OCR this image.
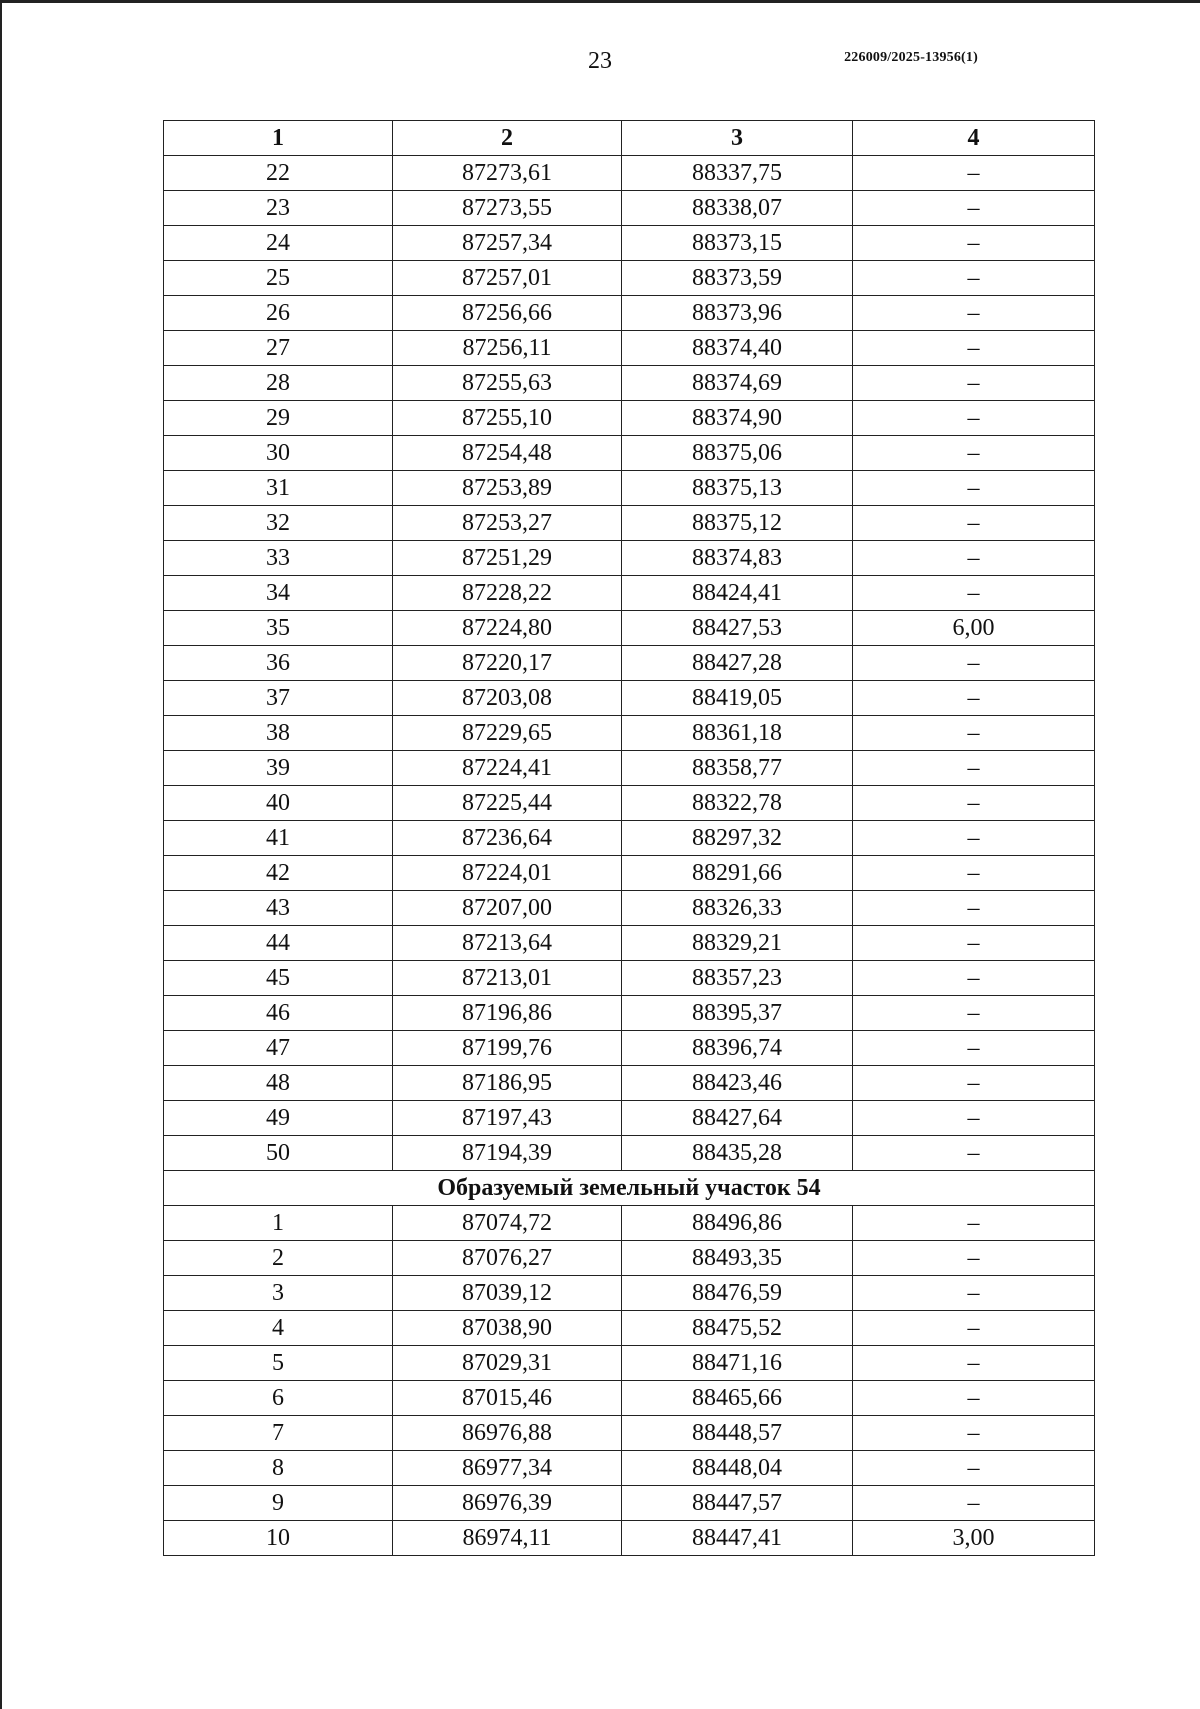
23	226009/2025-13956(1)
1	2	3	4
22	87273,61	88337,75	–
23	87273,55	88338,07	–
24	87257,34	88373,15	–
25	87257,01	88373,59	–
26	87256,66	88373,96	–
27	87256,11	88374,40	–
28	87255,63	88374,69	–
29	87255,10	88374,90	–
30	87254,48	88375,06	–
31	87253,89	88375,13	–
32	87253,27	88375,12	–
33	87251,29	88374,83	–
34	87228,22	88424,41	–
35	87224,80	88427,53	6,00
36	87220,17	88427,28	–
37	87203,08	88419,05	–
38	87229,65	88361,18	–
39	87224,41	88358,77	–
40	87225,44	88322,78	–
41	87236,64	88297,32	–
42	87224,01	88291,66	–
43	87207,00	88326,33	–
44	87213,64	88329,21	–
45	87213,01	88357,23	–
46	87196,86	88395,37	–
47	87199,76	88396,74	–
48	87186,95	88423,46	–
49	87197,43	88427,64	–
50	87194,39	88435,28	–
Образуемый земельный участок 54			
1	87074,72	88496,86	–
2	87076,27	88493,35	–
3	87039,12	88476,59	–
4	87038,90	88475,52	–
5	87029,31	88471,16	–
6	87015,46	88465,66	–
7	86976,88	88448,57	–
8	86977,34	88448,04	–
9	86976,39	88447,57	–
10	86974,11	88447,41	3,00
